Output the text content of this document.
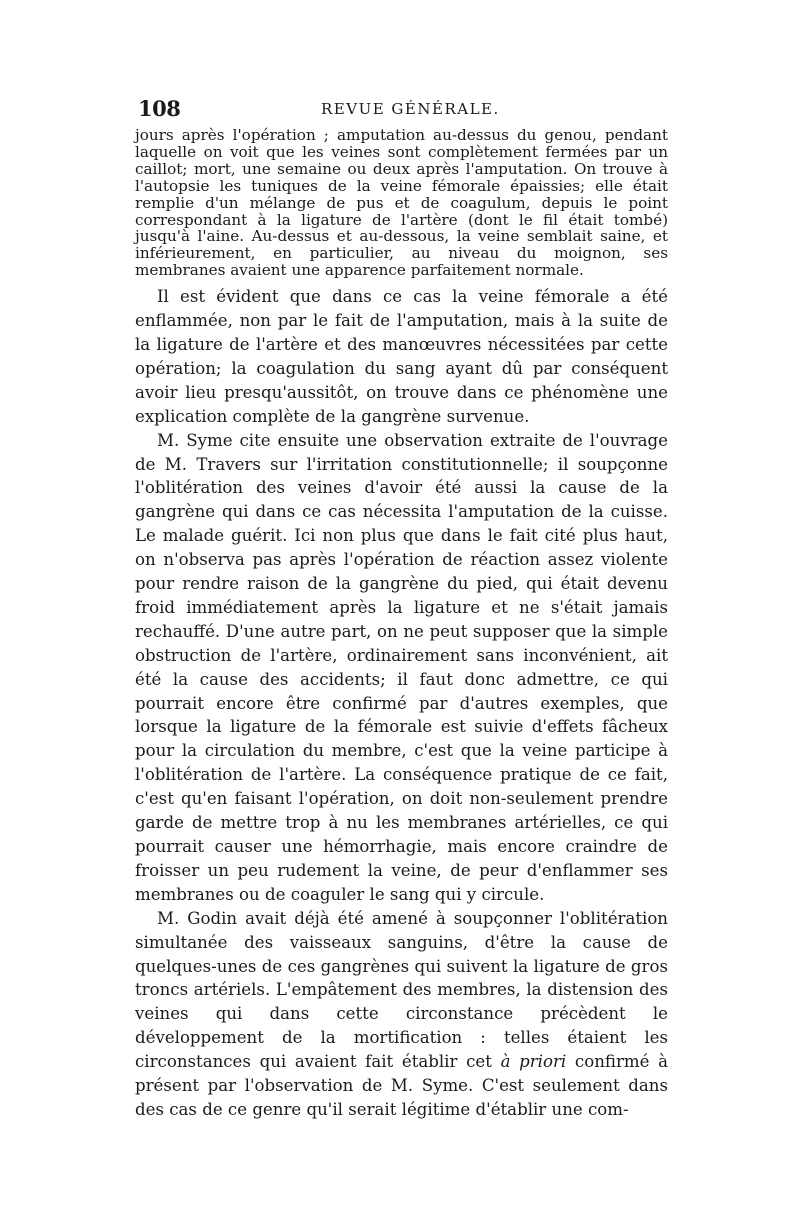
108	REVUE GÉNÉRALE.

jours après l'opération ; amputation au-dessus du genou, pendant laquelle on voit que les veines sont complètement fermées par un caillot; mort, une semaine ou deux après l'amputation. On trouve à l'autopsie les tuniques de la veine fémorale épaissies; elle était remplie d'un mélange de pus et de coagulum, depuis le point correspondant à la ligature de l'artère (dont le fil était tombé) jusqu'à l'aine. Au-dessus et au-dessous, la veine semblait saine, et inférieurement, en particulier, au niveau du moignon, ses membranes avaient une apparence parfaitement normale.

Il est évident que dans ce cas la veine fémorale a été enflammée, non par le fait de l'amputation, mais à la suite de la ligature de l'artère et des manœuvres nécessitées par cette opération; la coagulation du sang ayant dû par conséquent avoir lieu presqu'aussitôt, on trouve dans ce phénomène une explication complète de la gangrène survenue.

M. Syme cite ensuite une observation extraite de l'ouvrage de M. Travers sur l'irritation constitutionnelle; il soupçonne l'oblitération des veines d'avoir été aussi la cause de la gangrène qui dans ce cas nécessita l'amputation de la cuisse. Le malade guérit. Ici non plus que dans le fait cité plus haut, on n'observa pas après l'opération de réaction assez violente pour rendre raison de la gangrène du pied, qui était devenu froid immédiatement après la ligature et ne s'était jamais rechauffé. D'une autre part, on ne peut supposer que la simple obstruction de l'artère, ordinairement sans inconvénient, ait été la cause des accidents; il faut donc admettre, ce qui pourrait encore être confirmé par d'autres exemples, que lorsque la ligature de la fémorale est suivie d'effets fâcheux pour la circulation du membre, c'est que la veine participe à l'oblitération de l'artère. La conséquence pratique de ce fait, c'est qu'en faisant l'opération, on doit non-seulement prendre garde de mettre trop à nu les membranes artérielles, ce qui pourrait causer une hémorrhagie, mais encore craindre de froisser un peu rudement la veine, de peur d'enflammer ses membranes ou de coaguler le sang qui y circule.

M. Godin avait déjà été amené à soupçonner l'oblitération simultanée des vaisseaux sanguins, d'être la cause de quelques-unes de ces gangrènes qui suivent la ligature de gros troncs artériels. L'empâtement des membres, la distension des veines qui dans cette circonstance précèdent le développement de la mortification : telles étaient les circonstances qui avaient fait établir cet à priori confirmé à présent par l'observation de M. Syme. C'est seulement dans des cas de ce genre qu'il serait légitime d'établir une com-
